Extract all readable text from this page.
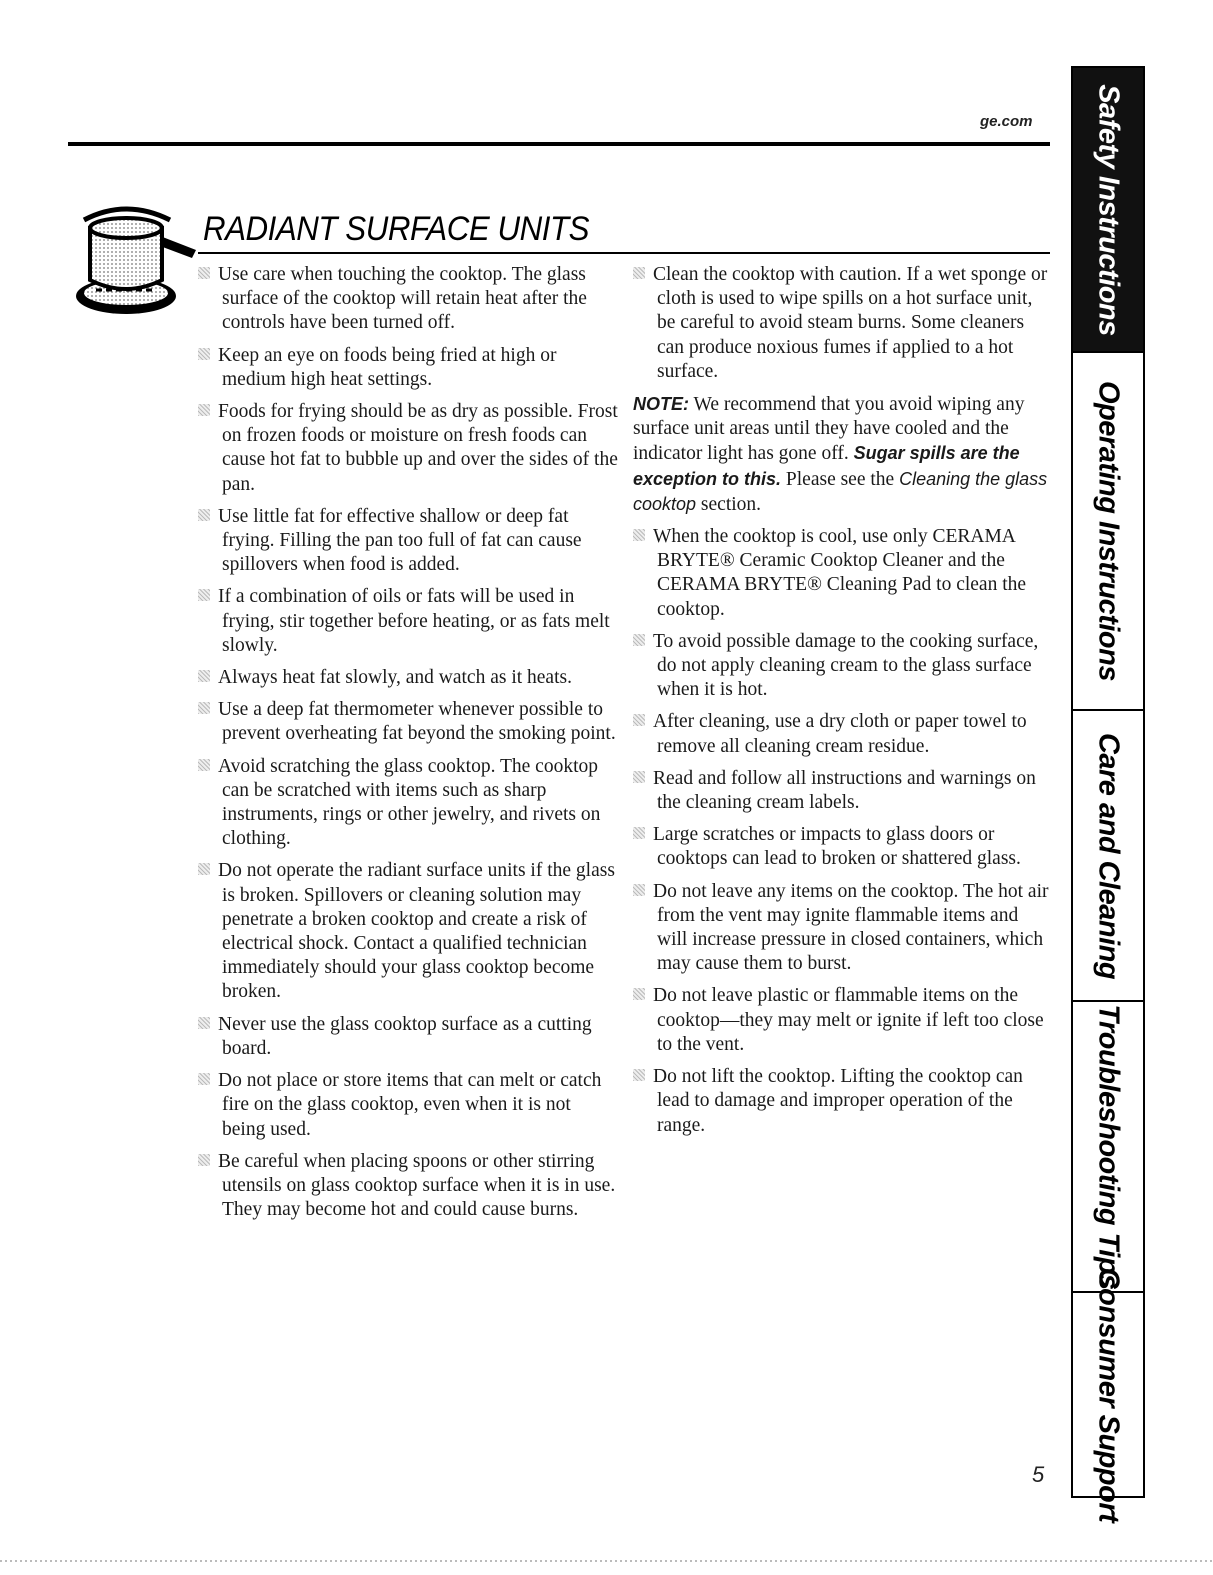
ge.com
RADIANT SURFACE UNITS

Use care when touching the cooktop. The glass surface of the cooktop will retain heat after the controls have been turned off.

Keep an eye on foods being fried at high or medium high heat settings.

Foods for frying should be as dry as possible. Frost on frozen foods or moisture on fresh foods can cause hot fat to bubble up and over the sides of the pan.

Use little fat for effective shallow or deep fat frying. Filling the pan too full of fat can cause spillovers when food is added.

If a combination of oils or fats will be used in frying, stir together before heating, or as fats melt slowly.

Always heat fat slowly, and watch as it heats.

Use a deep fat thermometer whenever possible to prevent overheating fat beyond the smoking point.

Avoid scratching the glass cooktop. The cooktop can be scratched with items such as sharp instruments, rings or other jewelry, and rivets on clothing.

Do not operate the radiant surface units if the glass is broken. Spillovers or cleaning solution may penetrate a broken cooktop and create a risk of electrical shock. Contact a qualified technician immediately should your glass cooktop become broken.

Never use the glass cooktop surface as a cutting board.

Do not place or store items that can melt or catch fire on the glass cooktop, even when it is not being used.

Be careful when placing spoons or other stirring utensils on glass cooktop surface when it is in use. They may become hot and could cause burns.

Clean the cooktop with caution. If a wet sponge or cloth is used to wipe spills on a hot surface unit, be careful to avoid steam burns. Some cleaners can produce noxious fumes if applied to a hot surface.

NOTE: We recommend that you avoid wiping any surface unit areas until they have cooled and the indicator light has gone off. Sugar spills are the exception to this. Please see the Cleaning the glass cooktop section.

When the cooktop is cool, use only CERAMA BRYTE® Ceramic Cooktop Cleaner and the CERAMA BRYTE® Cleaning Pad to clean the cooktop.

To avoid possible damage to the cooking surface, do not apply cleaning cream to the glass surface when it is hot.

After cleaning, use a dry cloth or paper towel to remove all cleaning cream residue.

Read and follow all instructions and warnings on the cleaning cream labels.

Large scratches or impacts to glass doors or cooktops can lead to broken or shattered glass.

Do not leave any items on the cooktop. The hot air from the vent may ignite flammable items and will increase pressure in closed containers, which may cause them to burst.

Do not leave plastic or flammable items on the cooktop—they may melt or ignite if left too close to the vent.

Do not lift the cooktop. Lifting the cooktop can lead to damage and improper operation of the range.

Safety Instructions
Operating Instructions
Care and Cleaning
Troubleshooting Tips
Consumer Support
5
